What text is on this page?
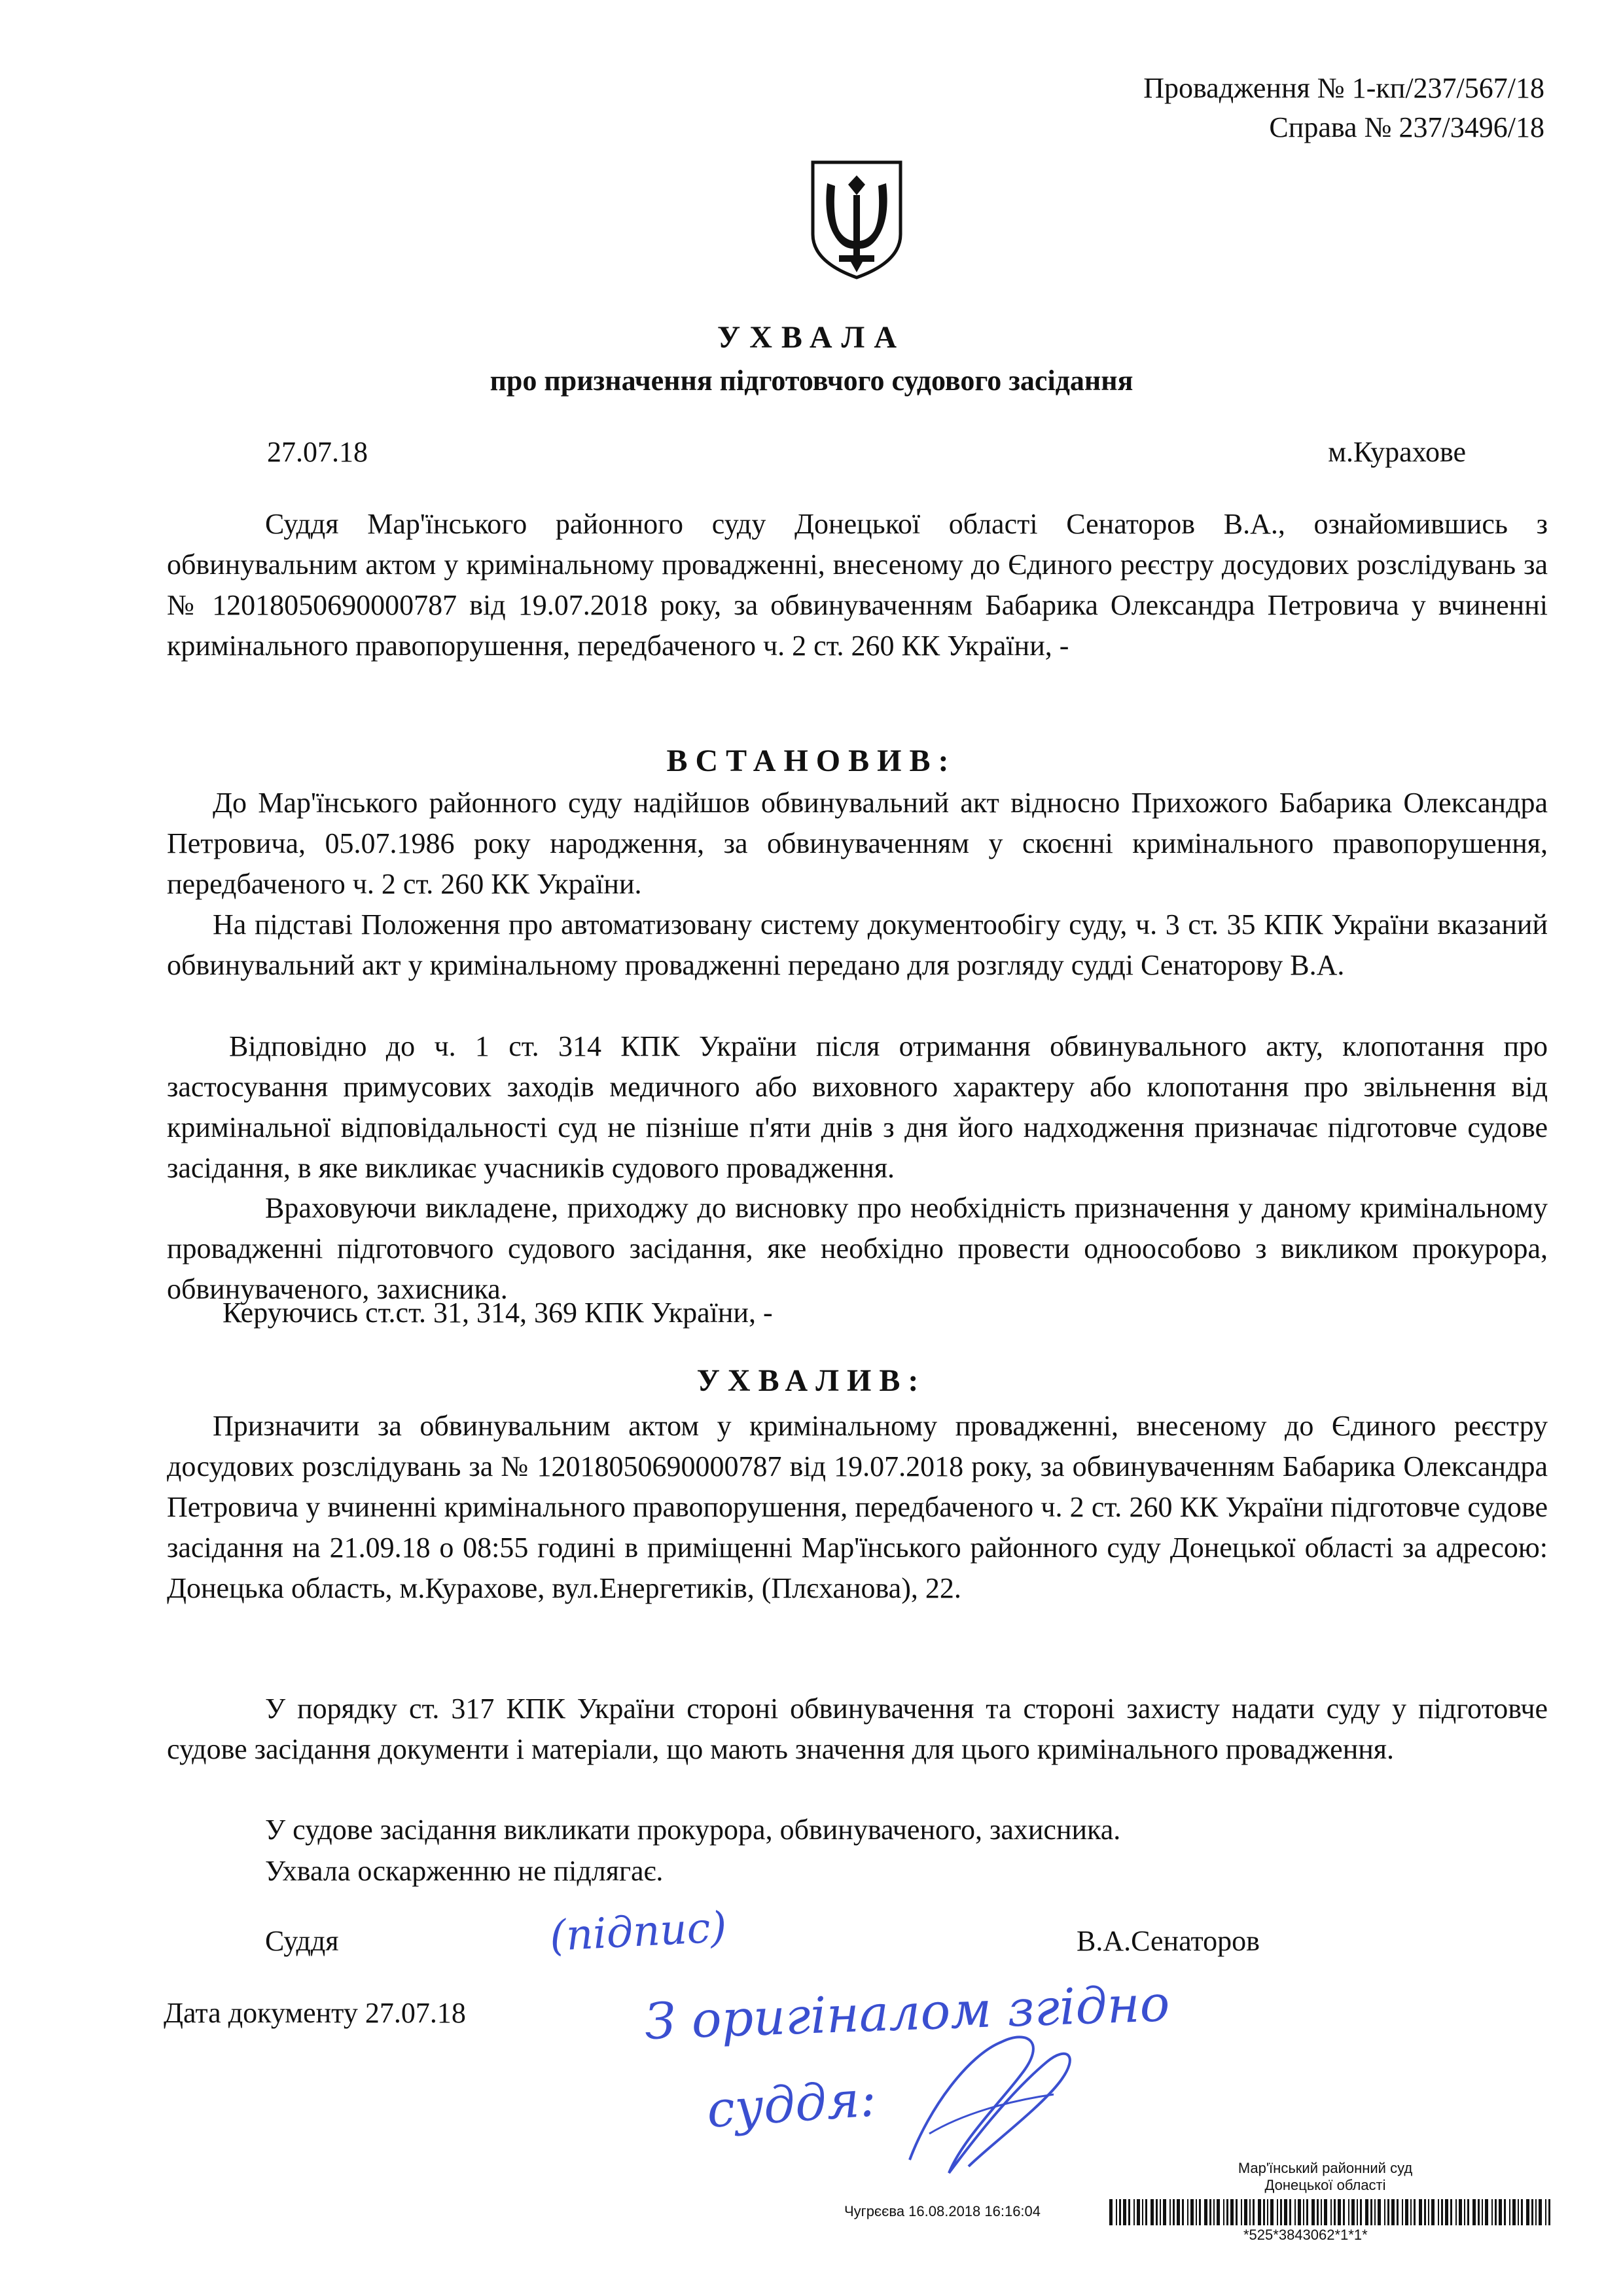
Провадження № 1-кп/237/567/18
Справа № 237/3496/18
УХВАЛА
про призначення підготовчого судового засідання
27.07.18	м.Курахове
Суддя Мар'їнського районного суду Донецької області Сенаторов В.А., ознайомившись з обвинувальним актом у кримінальному провадженні, внесеному до Єдиного реєстру досудових розслідувань за № 12018050690000787 від 19.07.2018 року, за обвинуваченням Бабарика Олександра Петровича у вчиненні кримінального правопорушення, передбаченого ч. 2 ст. 260 КК України, -
ВСТАНОВИВ:
До Мар'їнського районного суду надійшов обвинувальний акт відносно Прихожого Бабарика Олександра Петровича, 05.07.1986 року народження, за обвинуваченням у скоєнні кримінального правопорушення, передбаченого ч. 2 ст. 260 КК України.
На підставі Положення про автоматизовану систему документообігу суду, ч. 3 ст. 35 КПК України вказаний обвинувальний акт у кримінальному провадженні передано для розгляду судді Сенаторову В.А.
Відповідно до ч. 1 ст. 314 КПК України після отримання обвинувального акту, клопотання про застосування примусових заходів медичного або виховного характеру або клопотання про звільнення від кримінальної відповідальності суд не пізніше п'яти днів з дня його надходження призначає підготовче судове засідання, в яке викликає учасників судового провадження.
Враховуючи викладене, приходжу до висновку про необхідність призначення у даному кримінальному провадженні підготовчого судового засідання, яке необхідно провести одноособово з викликом прокурора, обвинуваченого, захисника.
Керуючись ст.ст. 31, 314, 369 КПК України, -
УХВАЛИВ:
Призначити за обвинувальним актом у кримінальному провадженні, внесеному до Єдиного реєстру досудових розслідувань за № 12018050690000787 від 19.07.2018 року, за обвинуваченням Бабарика Олександра Петровича у вчиненні кримінального правопорушення, передбаченого ч. 2 ст. 260 КК України підготовче судове засідання на 21.09.18 о 08:55 годині в приміщенні Мар'їнського районного суду Донецької області за адресою: Донецька область, м.Курахове, вул.Енергетиків, (Плєханова), 22.
У порядку ст. 317 КПК України стороні обвинувачення та стороні захисту надати суду у підготовче судове засідання документи і матеріали, що мають значення для цього кримінального провадження.
У судове засідання викликати прокурора, обвинуваченого, захисника.
Ухвала оскарженню не підлягає.
Суддя	(підпис)	В.А.Сенаторов
Дата документу 27.07.18	З оригіналом згідно
суддя:
Мар'їнський районний суд
Донецької області
Чугрєєва 16.08.2018 16:16:04
*525*3843062*1*1*
